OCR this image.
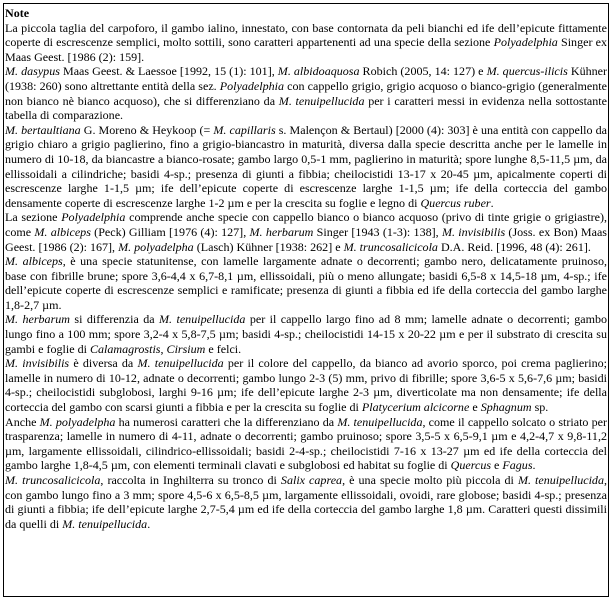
Note

La piccola taglia del carpoforo, il gambo ialino, innestato, con base contornata da peli bianchi ed ife dell’epicute fittamente coperte di escrescenze semplici, molto sottili, sono caratteri appartenenti ad una specie della sezione Polyadelphia Singer ex Maas Geest. [1986 (2): 159].

M. dasypus Maas Geest. & Laessoe [1992, 15 (1): 101], M. albidoaquosa Robich (2005, 14: 127) e M. quercus-ilicis Kühner (1938: 260) sono altrettante entità della sez. Polyadelphia con cappello grigio, grigio acquoso o bianco-grigio (generalmente non bianco nè bianco acquoso), che si differenziano da M. tenuipellucida per i caratteri messi in evidenza nella sottostante tabella di comparazione.

M. bertaultiana G. Moreno & Heykoop (= M. capillaris s. Malençon & Bertaul) [2000 (4): 303] è una entità con cappello da grigio chiaro a grigio paglierino, fino a grigio-biancastro in maturità, diversa dalla specie descritta anche per le lamelle in numero di 10-18, da biancastre a bianco-rosate; gambo largo 0,5-1 mm, paglierino in maturità; spore lunghe 8,5-11,5 µm, da ellissoidali a cilindriche; basidi 4-sp.; presenza di giunti a fibbia; cheilocistidi 13-17 x 20-45 µm, apicalmente coperti di escrescenze larghe 1-1,5 µm; ife dell’epicute coperte di escrescenze larghe 1-1,5 µm; ife della corteccia del gambo densamente coperte di escrescenze larghe 1-2 µm e per la crescita su foglie e legno di Quercus ruber.

La sezione Polyadelphia comprende anche specie con cappello bianco o bianco acquoso (privo di tinte grigie o grigiastre), come M. albiceps (Peck) Gilliam [1976 (4): 127], M. herbarum Singer [1943 (1-3): 138], M. invisibilis (Joss. ex Bon) Maas Geest. [1986 (2): 167], M. polyadelpha (Lasch) Kühner [1938: 262] e M. truncosalicicola D.A. Reid. [1996, 48 (4): 261].

M. albiceps, è una specie statunitense, con lamelle largamente adnate o decorrenti; gambo nero, delicatamente pruinoso, base con fibrille brune; spore 3,6-4,4 x 6,7-8,1 µm, ellissoidali, più o meno allungate; basidi 6,5-8 x 14,5-18 µm, 4-sp.; ife dell’epicute coperte di escrescenze semplici e ramificate; presenza di giunti a fibbia ed ife della corteccia del gambo larghe 1,8-2,7 µm.

M. herbarum si differenzia da M. tenuipellucida per il cappello largo fino ad 8 mm; lamelle adnate o decorrenti; gambo lungo fino a 100 mm; spore 3,2-4 x 5,8-7,5 µm; basidi 4-sp.; cheilocistidi 14-15 x 20-22 µm e per il substrato di crescita su gambi e foglie di Calamagrostis, Cirsium e felci.

M. invisibilis è diversa da M. tenuipellucida per il colore del cappello, da bianco ad avorio sporco, poi crema paglierino; lamelle in numero di 10-12, adnate o decorrenti; gambo lungo 2-3 (5) mm, privo di fibrille; spore 3,6-5 x 5,6-7,6 µm; basidi 4-sp.; cheilocistidi subglobosi, larghi 9-16 µm; ife dell’epicute larghe 2-3 µm, diverticolate ma non densamente; ife della corteccia del gambo con scarsi giunti a fibbia e per la crescita su foglie di Platycerium alcicorne e Sphagnum sp.

Anche M. polyadelpha ha numerosi caratteri che la differenziano da M. tenuipellucida, come il cappello solcato o striato per trasparenza; lamelle in numero di 4-11, adnate o decorrenti; gambo pruinoso; spore 3,5-5 x 6,5-9,1 µm e 4,2-4,7 x 9,8-11,2 µm, largamente ellissoidali, cilindrico-ellissoidali; basidi 2-4-sp.; cheilocistidi 7-16 x 13-27 µm ed ife della corteccia del gambo larghe 1,8-4,5 µm, con elementi terminali clavati e subglobosi ed habitat su foglie di Quercus e Fagus.

M. truncosalicicola, raccolta in Inghilterra su tronco di Salix caprea, è una specie molto più piccola di M. tenuipellucida, con gambo lungo fino a 3 mm; spore 4,5-6 x 6,5-8,5 µm, largamente ellissoidali, ovoidi, rare globose; basidi 4-sp.; presenza di giunti a fibbia; ife dell’epicute larghe 2,7-5,4 µm ed ife della corteccia del gambo larghe 1,8 µm. Caratteri questi dissimili da quelli di M. tenuipellucida.
